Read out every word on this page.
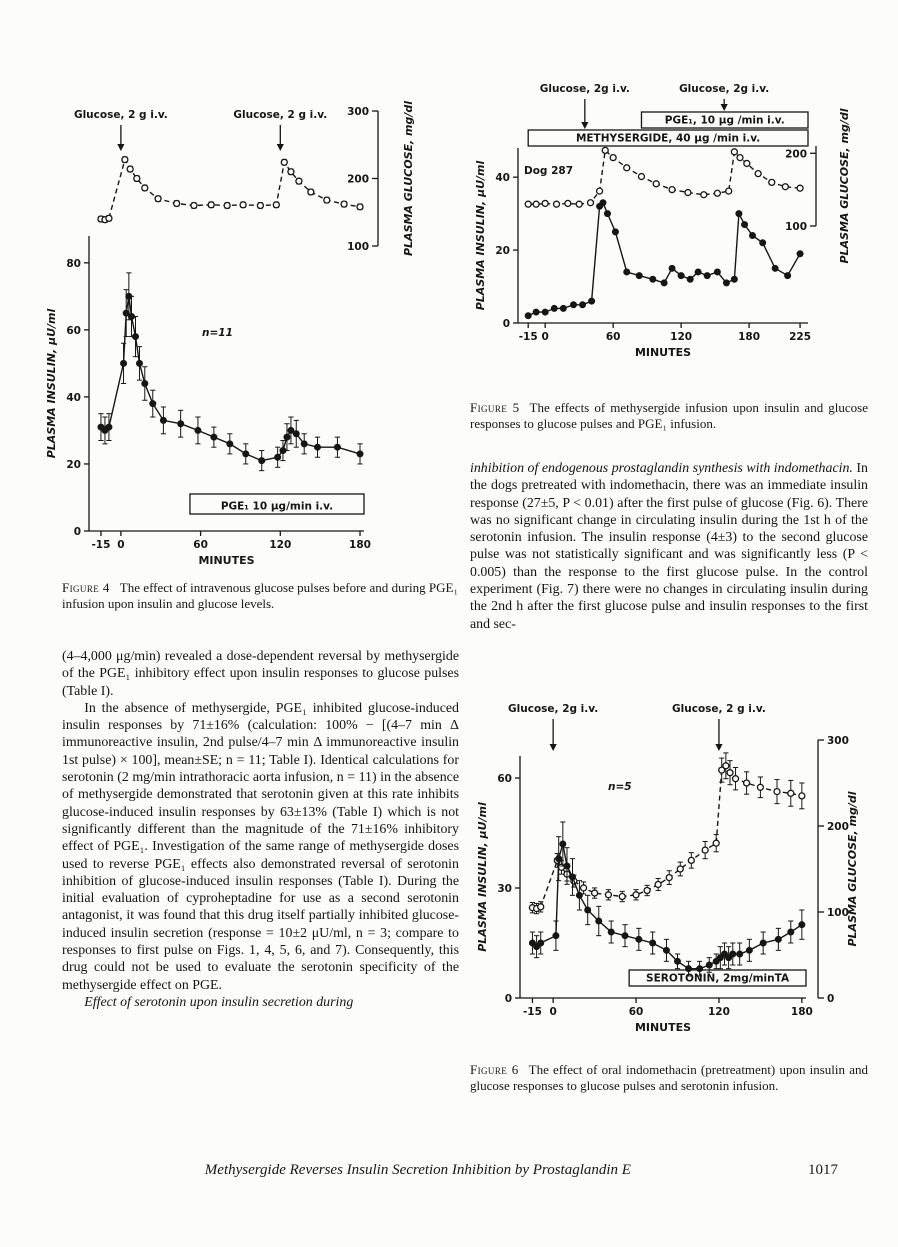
-15 0	60	120	180
0
20
40
60
80
100
200
300
MINUTES
PLASMA INSULIN, μU/ml
PLASMA GLUCOSE, mg/dl
PGE₁ 10 μg/min i.v.
Glucose, 2 g i.v.	Glucose, 2 g i.v.
n=11

Figure 4 The effect of intravenous glucose pulses before and during PGE₁ infusion upon insulin and glucose levels.

(4–4,000 μg/min) revealed a dose-dependent reversal by methysergide of the PGE₁ inhibitory effect upon insulin responses to glucose pulses (Table I).

In the absence of methysergide, PGE₁ inhibited glucose-induced insulin responses by 71±16% (calculation: 100% − [(4–7 min Δ immunoreactive insulin, 2nd pulse/4–7 min Δ immunoreactive insulin 1st pulse) × 100], mean±SE; n = 11; Table I). Identical calculations for serotonin (2 mg/min intrathoracic aorta infusion, n = 11) in the absence of methysergide demonstrated that serotonin given at this rate inhibits glucose-induced insulin responses by 63±13% (Table I) which is not significantly different than the magnitude of the 71±16% inhibitory effect of PGE₁. Investigation of the same range of methysergide doses used to reverse PGE₁ effects also demonstrated reversal of serotonin inhibition of glucose-induced insulin responses (Table I). During the initial evaluation of cyproheptadine for use as a second serotonin antagonist, it was found that this drug itself partially inhibited glucose-induced insulin secretion (response = 10±2 μU/ml, n = 3; compare to responses to first pulse on Figs. 1, 4, 5, 6, and 7). Consequently, this drug could not be used to evaluate the serotonin specificity of the methysergide effect on PGE.

Effect of serotonin upon insulin secretion during

-15 0	60	120	180	225
0
20
40
100
200
MINUTES
PLASMA INSULIN, μU/ml	PLASMA GLUCOSE, mg/dl
PGE₁, 10 μg /min i.v.
METHYSERGIDE, 40 μg /min i.v.
Glucose, 2g i.v.	Glucose, 2g i.v.
Dog 287

Figure 5 The effects of methysergide infusion upon insulin and glucose responses to glucose pulses and PGE₁ infusion.

inhibition of endogenous prostaglandin synthesis with indomethacin. In the dogs pretreated with indomethacin, there was an immediate insulin response (27±5, P < 0.01) after the first pulse of glucose (Fig. 6). There was no significant change in circulating insulin during the 1st h of the serotonin infusion. The insulin response (4±3) to the second glucose pulse was not statistically significant and was significantly less (P < 0.005) than the response to the first glucose pulse. In the control experiment (Fig. 7) there were no changes in circulating insulin during the 2nd h after the first glucose pulse and insulin responses to the first and sec-

-15 0	60	120	180
0
30
60
0
100
200
300
MINUTES
PLASMA INSULIN, μU/ml	PLASMA GLUCOSE, mg/dl
SEROTONIN, 2mg/minTA
Glucose, 2g i.v.	Glucose, 2 g i.v.
n=5

Figure 6 The effect of oral indomethacin (pretreatment) upon insulin and glucose responses to glucose pulses and serotonin infusion.

Methysergide Reverses Insulin Secretion Inhibition by Prostaglandin E	1017
